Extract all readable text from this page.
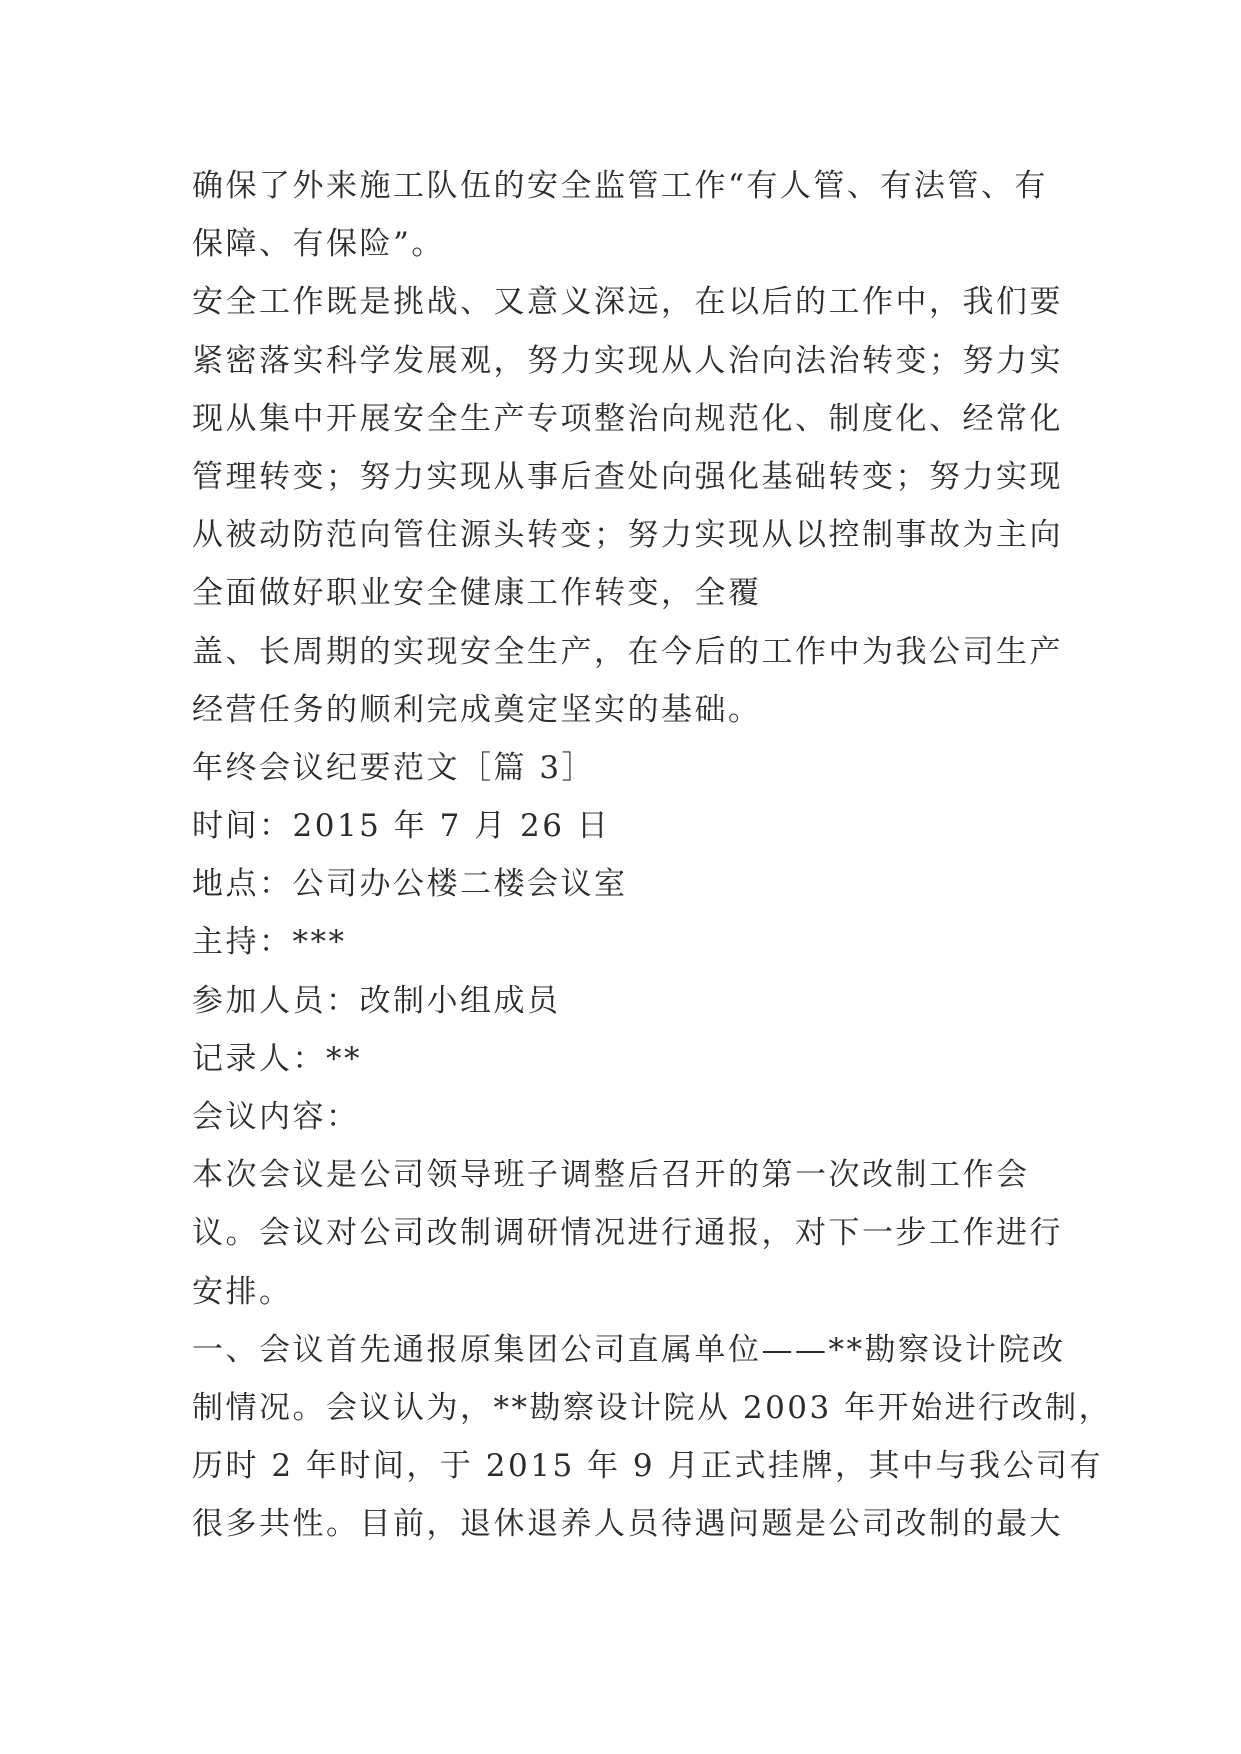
确保了外来施工队伍的安全监管工作“有人管、有法管、有
保障、有保险”。
安全工作既是挑战、又意义深远，在以后的工作中，我们要
紧密落实科学发展观，努力实现从人治向法治转变；努力实
现从集中开展安全生产专项整治向规范化、制度化、经常化
管理转变；努力实现从事后查处向强化基础转变；努力实现
从被动防范向管住源头转变；努力实现从以控制事故为主向
全面做好职业安全健康工作转变，全覆
盖、长周期的实现安全生产，在今后的工作中为我公司生产
经营任务的顺利完成奠定坚实的基础。
年终会议纪要范文［篇 3］
时间：2015 年 7 月 26 日
地点：公司办公楼二楼会议室
主持：***
参加人员：改制小组成员
记录人：**
会议内容：
本次会议是公司领导班子调整后召开的第一次改制工作会
议。会议对公司改制调研情况进行通报，对下一步工作进行
安排。
一、会议首先通报原集团公司直属单位——**勘察设计院改
制情况。会议认为，**勘察设计院从 2003 年开始进行改制，
历时 2 年时间，于 2015 年 9 月正式挂牌，其中与我公司有
很多共性。目前，退休退养人员待遇问题是公司改制的最大
